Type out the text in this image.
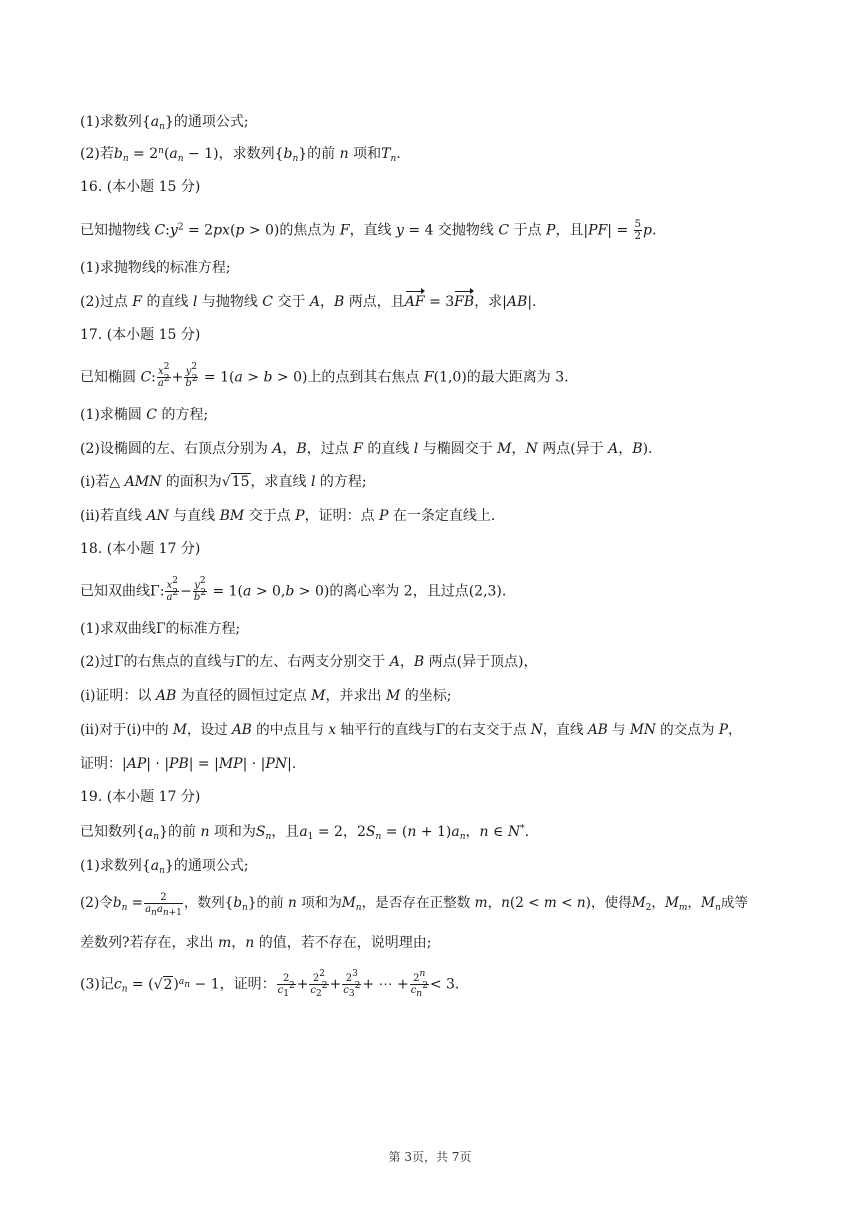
(1)求数列$\{a_n\}$的通项公式;
(2)若$b_n = 2^n(a_n - 1)$，求数列$\{b_n\}$的前 n 项和$T_n$.
16. (本小题 15 分)
已知抛物线 $C:y^2 = 2px(p > 0)$的焦点为 F，直线 y = 4 交抛物线 C 于点 P，且$|PF| = \frac{5}{2} p$.
(1)求抛物线的标准方程;
(2)过点 F 的直线 l 与抛物线 C 交于 A，B 两点，且AF = 3FB，求|AB|.
17. (本小题 15 分)
已知椭圆 C: $\frac{x^2}{a^2} + \frac{y^2}{b^2} = 1(a > b > 0)$上的点到其右焦点 F(1,0)的最大距离为 3.
(1)求椭圆 C 的方程;
(2)设椭圆的左、右顶点分别为 A，B，过点 F 的直线 l 与椭圆交于 M，N 两点(异于 A，B).
(ⅰ)若△ AMN 的面积为√15，求直线 l 的方程;
(ⅱ)若直线 AN 与直线 BM 交于点 P，证明：点 P 在一条定直线上.
18. (本小题 17 分)
已知双曲线Γ: $\frac{x^2}{a^2} - \frac{y^2}{b^2} = 1(a > 0,b > 0)$的离心率为 2，且过点(2,3).
(1)求双曲线Γ的标准方程;
(2)过Γ的右焦点的直线与Γ的左、右两支分别交于 A，B 两点(异于顶点)，
(ⅰ)证明：以 AB 为直径的圆恒过定点 M，并求出 M 的坐标;
(ⅱ)对于(ⅰ)中的 M，设过 AB 的中点且与 x 轴平行的直线与Γ的右支交于点 N，直线 AB 与 MN 的交点为 P，
证明：|AP| · |PB| = |MP| · |PN|.
19. (本小题 17 分)
已知数列$\{a_n\}$的前 n 项和为$S_n$，且$a_1 = 2$，$2S_n = (n + 1)a_n$，n ∈ N*.
(1)求数列$\{a_n\}$的通项公式;
(2)令$b_n = \frac{2}{a_na_{n+1}}$ ，数列$\{b_n\}$的前 n 项和为$M_n$，是否存在正整数 m，n(2 < m < n)，使得$M_2$，$M_m$，$M_n$成等
差数列?若存在，求出 m，n 的值，若不存在，说明理由;
(3)记$c_n = (√2)^{a_n} - 1$，证明： $\frac{2}{c_1^2} + \frac{2^2}{c_2^2} + \frac{2^3}{c_3^2}$ + ⋯ + $\frac{2^n}{c_n^2} < 3$.
第 3页，共 7页
